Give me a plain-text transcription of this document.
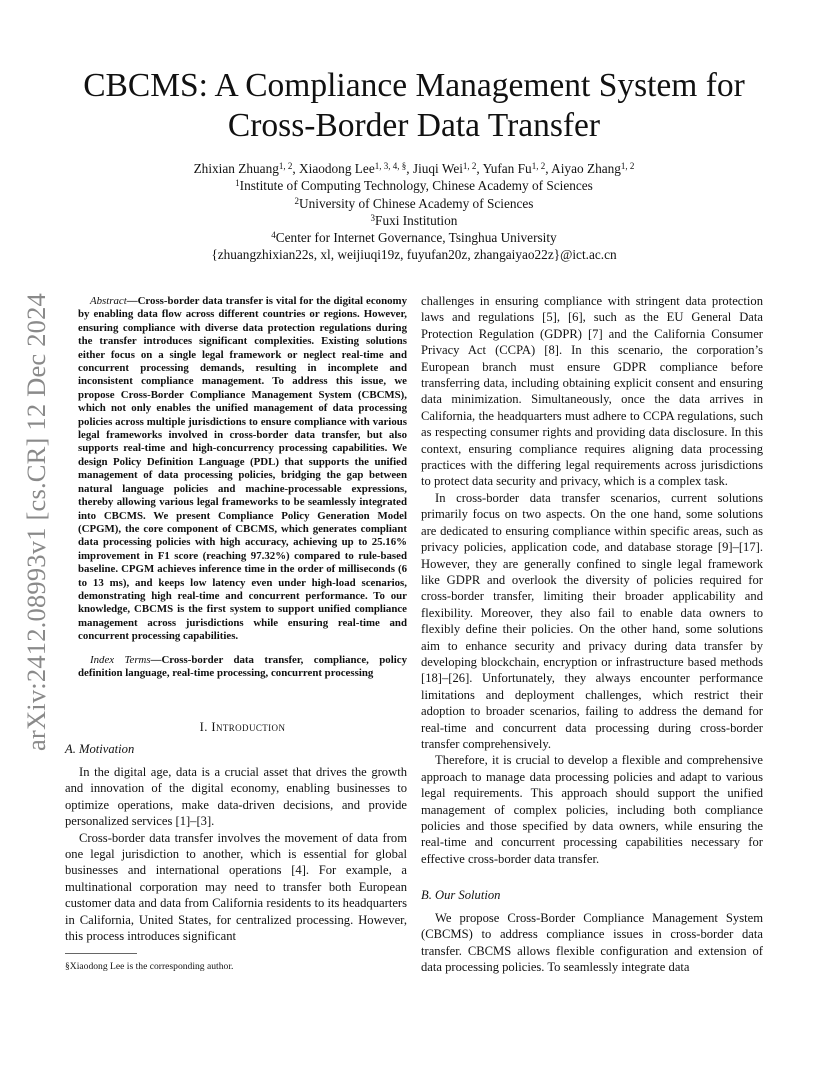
arXiv:2412.08993v1 [cs.CR] 12 Dec 2024
CBCMS: A Compliance Management System for
Cross-Border Data Transfer
Zhixian Zhuang$^{1, 2}$, Xiaodong Lee$^{1, 3, 4, \S}$, Jiuqi Wei$^{1, 2}$, Yufan Fu$^{1, 2}$, Aiyao Zhang$^{1, 2}$
$^1$Institute of Computing Technology, Chinese Academy of Sciences
$^2$University of Chinese Academy of Sciences
$^3$Fuxi Institution
$^4$Center for Internet Governance, Tsinghua University
{zhuangzhixian22s, xl, weijiuqi19z, fuyufan20z, zhangaiyao22z}@ict.ac.cn

Abstract—Cross-border data transfer is vital for the digital economy by enabling data flow across different countries or regions. However, ensuring compliance with diverse data protection regulations during the transfer introduces significant complexities. Existing solutions either focus on a single legal framework or neglect real-time and concurrent processing demands, resulting in incomplete and inconsistent compliance management. To address this issue, we propose Cross-Border Compliance Management System (CBCMS), which not only enables the unified management of data processing policies across multiple jurisdictions to ensure compliance with various legal frameworks involved in cross-border data transfer, but also supports real-time and high-concurrency processing capabilities. We design Policy Definition Language (PDL) that supports the unified management of data processing policies, bridging the gap between natural language policies and machine-processable expressions, thereby allowing various legal frameworks to be seamlessly integrated into CBCMS. We present Compliance Policy Generation Model (CPGM), the core component of CBCMS, which generates compliant data processing policies with high accuracy, achieving up to 25.16% improvement in F1 score (reaching 97.32%) compared to rule-based baseline. CPGM achieves inference time in the order of milliseconds (6 to 13 ms), and keeps low latency even under high-load scenarios, demonstrating high real-time and concurrent performance. To our knowledge, CBCMS is the first system to support unified compliance management across jurisdictions while ensuring real-time and concurrent processing capabilities.

Index Terms—Cross-border data transfer, compliance, policy definition language, real-time processing, concurrent processing

I. Introduction
A. Motivation

In the digital age, data is a crucial asset that drives the growth and innovation of the digital economy, enabling businesses to optimize operations, make data-driven decisions, and provide personalized services [1]–[3].

Cross-border data transfer involves the movement of data from one legal jurisdiction to another, which is essential for global businesses and international operations [4]. For example, a multinational corporation may need to transfer both European customer data and data from California residents to its headquarters in California, United States, for centralized processing. However, this process introduces significant

§Xiaodong Lee is the corresponding author.

challenges in ensuring compliance with stringent data protection laws and regulations [5], [6], such as the EU General Data Protection Regulation (GDPR) [7] and the California Consumer Privacy Act (CCPA) [8]. In this scenario, the corporation’s European branch must ensure GDPR compliance before transferring data, including obtaining explicit consent and ensuring data minimization. Simultaneously, once the data arrives in California, the headquarters must adhere to CCPA regulations, such as respecting consumer rights and providing data disclosure. In this context, ensuring compliance requires aligning data processing practices with the differing legal requirements across jurisdictions to protect data security and privacy, which is a complex task.

In cross-border data transfer scenarios, current solutions primarily focus on two aspects. On the one hand, some solutions are dedicated to ensuring compliance within specific areas, such as privacy policies, application code, and database storage [9]–[17]. However, they are generally confined to single legal framework like GDPR and overlook the diversity of policies required for cross-border transfer, limiting their broader applicability and flexibility. Moreover, they also fail to enable data owners to flexibly define their policies. On the other hand, some solutions aim to enhance security and privacy during data transfer by developing blockchain, encryption or infrastructure based methods [18]–[26]. Unfortunately, they always encounter performance limitations and deployment challenges, which restrict their adoption to broader scenarios, failing to address the demand for real-time and concurrent data processing during cross-border transfer comprehensively.

Therefore, it is crucial to develop a flexible and comprehensive approach to manage data processing policies and adapt to various legal requirements. This approach should support the unified management of complex policies, including both compliance policies and those specified by data owners, while ensuring the real-time and concurrent processing capabilities necessary for effective cross-border data transfer.

B. Our Solution

We propose Cross-Border Compliance Management System (CBCMS) to address compliance issues in cross-border data transfer. CBCMS allows flexible configuration and extension of data processing policies. To seamlessly integrate data
